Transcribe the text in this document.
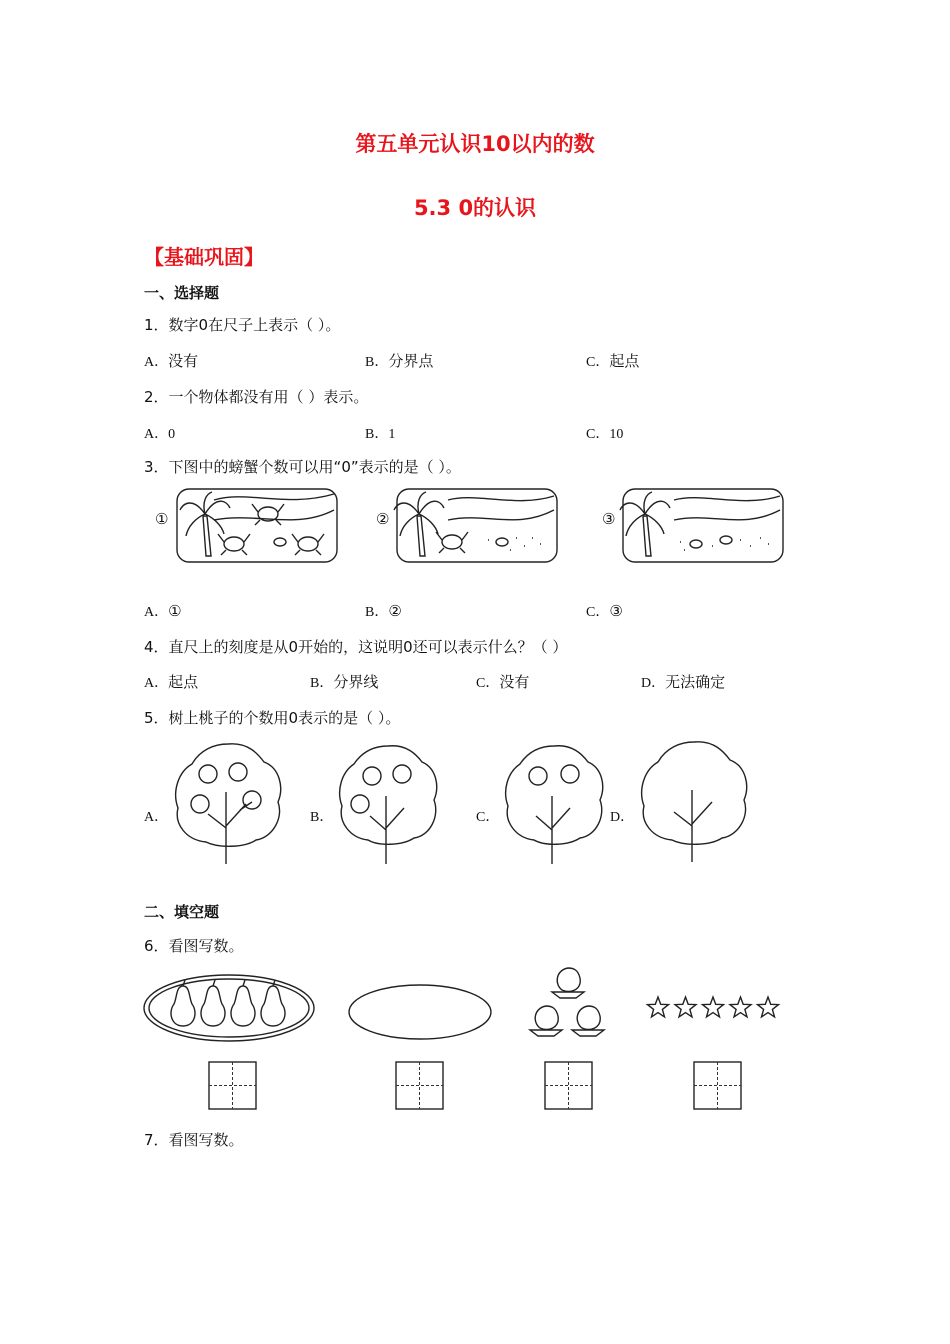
第五单元认识10以内的数
5.3 0的认识
【基础巩固】
一、选择题
1．数字0在尺子上表示（ ）。
A．没有	B．分界点	C．起点
2．一个物体都没有用（ ）表示。
A．0	B．1	C．10
3．下图中的螃蟹个数可以用“0”表示的是（ ）。
①	②	③
A．①	B．②	C．③
4．直尺上的刻度是从0开始的，这说明0还可以表示什么？（ ）
A．起点	B．分界线	C．没有	D．无法确定
5．树上桃子的个数用0表示的是（ ）。
A．	B．	C．	D．
二、填空题
6．看图写数。
7．看图写数。
